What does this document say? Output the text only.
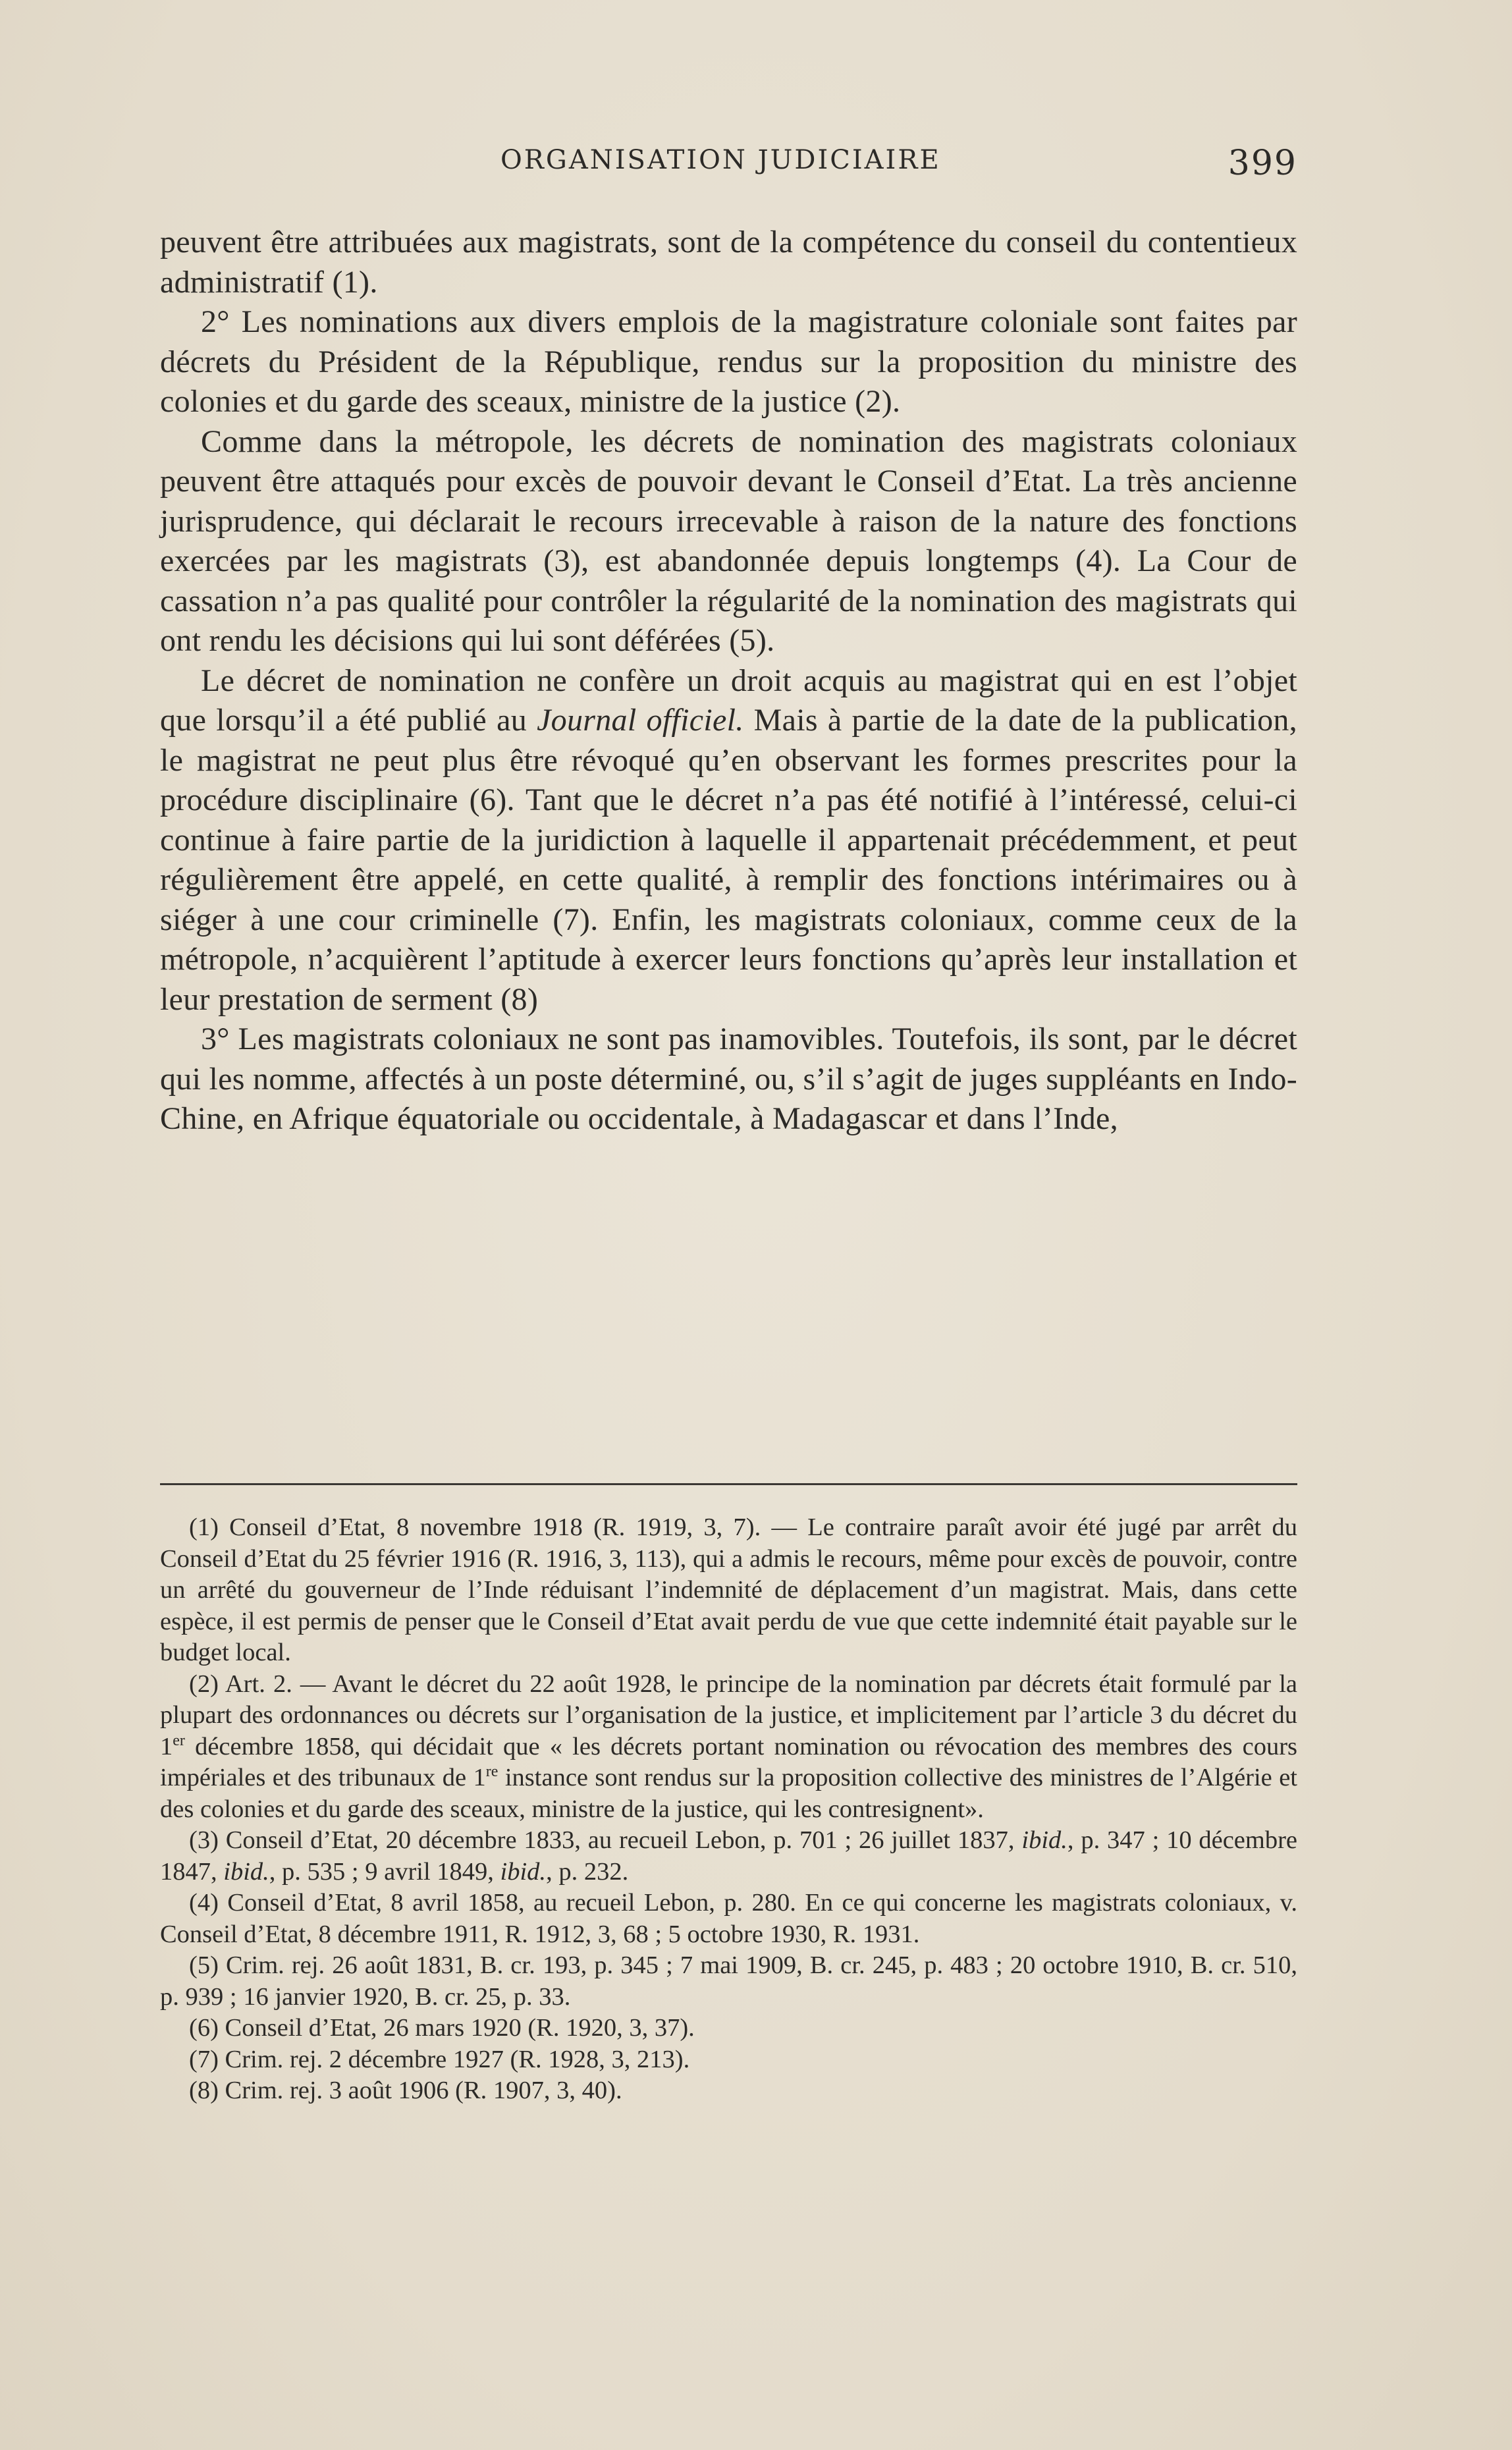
ORGANISATION JUDICIAIRE	399

peuvent être attribuées aux magistrats, sont de la compétence du conseil du contentieux administratif (1).

2° Les nominations aux divers emplois de la magistrature coloniale sont faites par décrets du Président de la République, rendus sur la proposition du ministre des colonies et du garde des sceaux, ministre de la justice (2).

Comme dans la métropole, les décrets de nomination des magistrats coloniaux peuvent être attaqués pour excès de pouvoir devant le Conseil d’Etat. La très ancienne jurisprudence, qui déclarait le recours irrecevable à raison de la nature des fonctions exercées par les magistrats (3), est abandonnée depuis longtemps (4). La Cour de cassation n’a pas qualité pour contrôler la régularité de la nomination des magistrats qui ont rendu les décisions qui lui sont déférées (5).

Le décret de nomination ne confère un droit acquis au magistrat qui en est l’objet que lorsqu’il a été publié au Journal officiel. Mais à partie de la date de la publication, le magistrat ne peut plus être révoqué qu’en observant les formes prescrites pour la procédure disciplinaire (6). Tant que le décret n’a pas été notifié à l’intéressé, celui-ci continue à faire partie de la juridiction à laquelle il appartenait précédemment, et peut régulièrement être appelé, en cette qualité, à remplir des fonctions intérimaires ou à siéger à une cour criminelle (7). Enfin, les magistrats coloniaux, comme ceux de la métropole, n’acquièrent l’aptitude à exercer leurs fonctions qu’après leur installation et leur prestation de serment (8)

3° Les magistrats coloniaux ne sont pas inamovibles. Toutefois, ils sont, par le décret qui les nomme, affectés à un poste déterminé, ou, s’il s’agit de juges suppléants en Indo-Chine, en Afrique équatoriale ou occidentale, à Madagascar et dans l’Inde,

(1) Conseil d’Etat, 8 novembre 1918 (R. 1919, 3, 7). — Le contraire paraît avoir été jugé par arrêt du Conseil d’Etat du 25 février 1916 (R. 1916, 3, 113), qui a admis le recours, même pour excès de pouvoir, contre un arrêté du gouverneur de l’Inde réduisant l’indemnité de déplacement d’un magistrat. Mais, dans cette espèce, il est permis de penser que le Conseil d’Etat avait perdu de vue que cette indemnité était payable sur le budget local.

(2) Art. 2. — Avant le décret du 22 août 1928, le principe de la nomination par décrets était formulé par la plupart des ordonnances ou décrets sur l’organisation de la justice, et implicitement par l’article 3 du décret du 1er décembre 1858, qui décidait que « les décrets portant nomination ou révocation des membres des cours impériales et des tribunaux de 1re instance sont rendus sur la proposition collective des ministres de l’Algérie et des colonies et du garde des sceaux, ministre de la justice, qui les contresignent».

(3) Conseil d’Etat, 20 décembre 1833, au recueil Lebon, p. 701 ; 26 juillet 1837, ibid., p. 347 ; 10 décembre 1847, ibid., p. 535 ; 9 avril 1849, ibid., p. 232.

(4) Conseil d’Etat, 8 avril 1858, au recueil Lebon, p. 280. En ce qui concerne les magistrats coloniaux, v. Conseil d’Etat, 8 décembre 1911, R. 1912, 3, 68 ; 5 octobre 1930, R. 1931.

(5) Crim. rej. 26 août 1831, B. cr. 193, p. 345 ; 7 mai 1909, B. cr. 245, p. 483 ; 20 octobre 1910, B. cr. 510, p. 939 ; 16 janvier 1920, B. cr. 25, p. 33.

(6) Conseil d’Etat, 26 mars 1920 (R. 1920, 3, 37).

(7) Crim. rej. 2 décembre 1927 (R. 1928, 3, 213).

(8) Crim. rej. 3 août 1906 (R. 1907, 3, 40).
